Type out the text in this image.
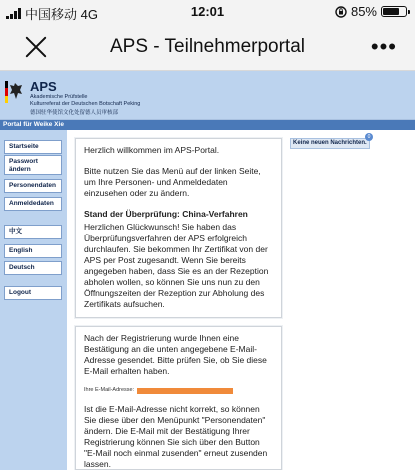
中国移动 4G	12:01	85%
APS - Teilnehmerportal	•••
APS
Akademische Prüfstelle
Kulturreferat der Deutschen Botschaft Peking
德国驻华使馆文化处留德人员审核部
Portal für Weike Xie
Startseite
Passwort ändern
Personendaten
Anmeldedaten
中文
English
Deutsch
Logout

Herzlich willkommen im APS-Portal.

Bitte nutzen Sie das Menü auf der linken Seite, um Ihre Personen- und Anmeldedaten einzusehen oder zu ändern.

Stand der Überprüfung: China-Verfahren

Herzlichen Glückwunsch! Sie haben das Überprüfungsverfahren der APS erfolgreich durchlaufen. Sie bekommen Ihr Zertifikat von der APS per Post zugesandt. Wenn Sie bereits angegeben haben, dass Sie es an der Rezeption abholen wollen, so können Sie uns nun zu den Öffnungszeiten der Rezeption zur Abholung des Zertifikats aufsuchen.

Keine neuen Nachrichten.
0

Nach der Registrierung wurde Ihnen eine Bestätigung an die unten angegebene E-Mail-Adresse gesendet. Bitte prüfen Sie, ob Sie diese E-Mail erhalten haben.

Ihre E-Mail-Adresse:

Ist die E-Mail-Adresse nicht korrekt, so können Sie diese über den Menüpunkt "Personendaten" ändern. Die E-Mail mit der Bestätigung Ihrer Registrierung können Sie sich über den Button "E-Mail noch einmal zusenden" erneut zusenden lassen.
